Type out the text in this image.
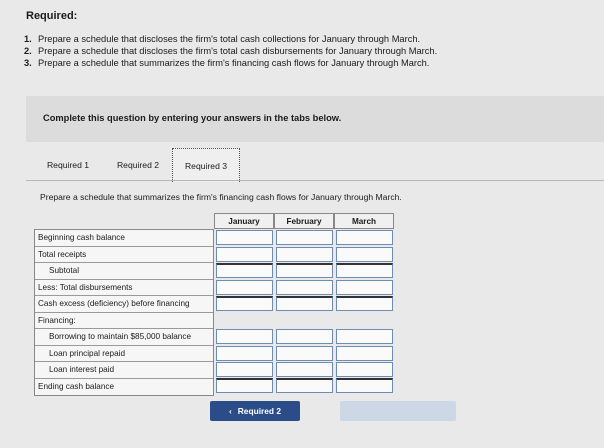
Required:
1. Prepare a schedule that discloses the firm's total cash collections for January through March.
2. Prepare a schedule that discloses the firm's total cash disbursements for January through March.
3. Prepare a schedule that summarizes the firm's financing cash flows for January through March.
Complete this question by entering your answers in the tabs below.
Required 1	Required 2	Required 3
Prepare a schedule that summarizes the firm's financing cash flows for January through March.
January	February	March
Beginning cash balance
Total receipts
Subtotal
Less: Total disbursements
Cash excess (deficiency) before financing
Financing:
Borrowing to maintain $85,000 balance
Loan principal repaid
Loan interest paid
Ending cash balance
‹ Required 2
